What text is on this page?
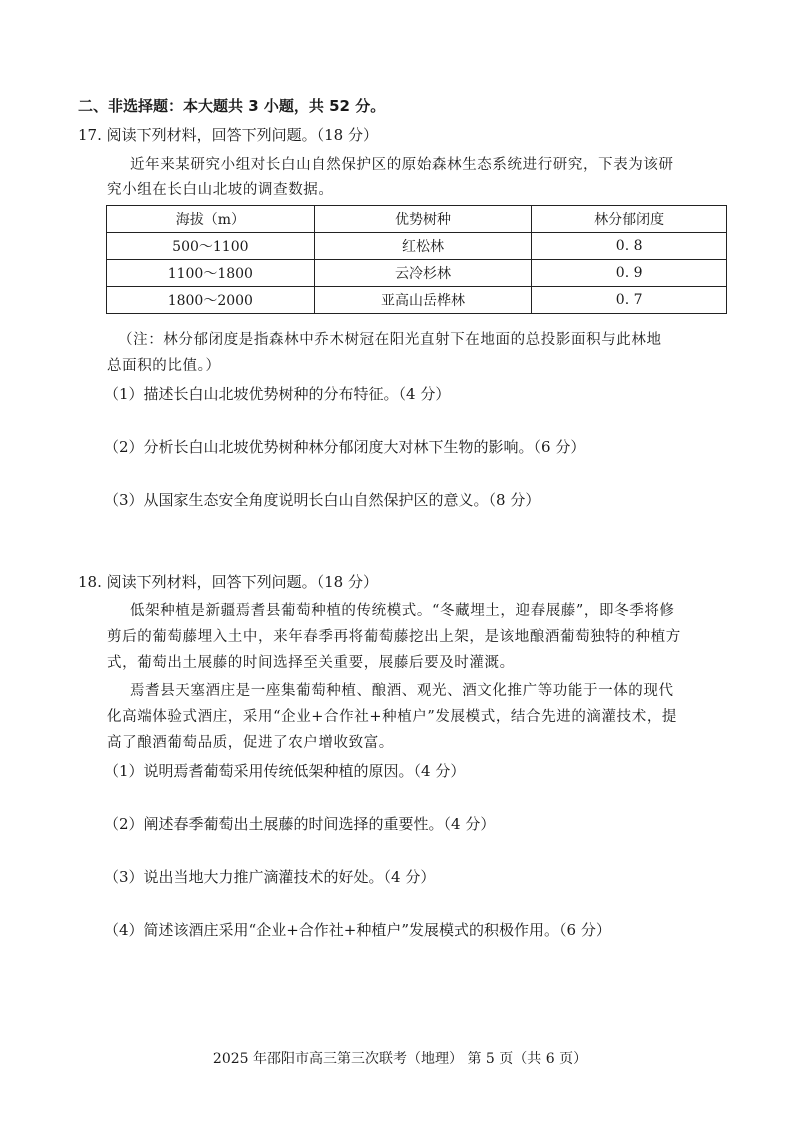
二、非选择题：本大题共 3 小题，共 52 分。
17. 阅读下列材料，回答下列问题。（18 分）
近年来某研究小组对长白山自然保护区的原始森林生态系统进行研究，下表为该研
究小组在长白山北坡的调查数据。
海拔（m）	优势树种	林分郁闭度
500～1100	红松林	0. 8
1100～1800	云冷杉林	0. 9
1800～2000	亚高山岳桦林	0. 7
（注：林分郁闭度是指森林中乔木树冠在阳光直射下在地面的总投影面积与此林地
总面积的比值。）
（1）描述长白山北坡优势树种的分布特征。（4 分）
（2）分析长白山北坡优势树种林分郁闭度大对林下生物的影响。（6 分）
（3）从国家生态安全角度说明长白山自然保护区的意义。（8 分）
18. 阅读下列材料，回答下列问题。（18 分）
低架种植是新疆焉耆县葡萄种植的传统模式。“冬藏埋土，迎春展藤”，即冬季将修
剪后的葡萄藤埋入土中，来年春季再将葡萄藤挖出上架，是该地酿酒葡萄独特的种植方
式，葡萄出土展藤的时间选择至关重要，展藤后要及时灌溉。
焉耆县天塞酒庄是一座集葡萄种植、酿酒、观光、酒文化推广等功能于一体的现代
化高端体验式酒庄，采用“企业+合作社+种植户”发展模式，结合先进的滴灌技术，提
高了酿酒葡萄品质，促进了农户增收致富。
（1）说明焉耆葡萄采用传统低架种植的原因。（4 分）
（2）阐述春季葡萄出土展藤的时间选择的重要性。（4 分）
（3）说出当地大力推广滴灌技术的好处。（4 分）
（4）简述该酒庄采用“企业+合作社+种植户”发展模式的积极作用。（6 分）
2025 年邵阳市高三第三次联考（地理） 第 5 页（共 6 页）
